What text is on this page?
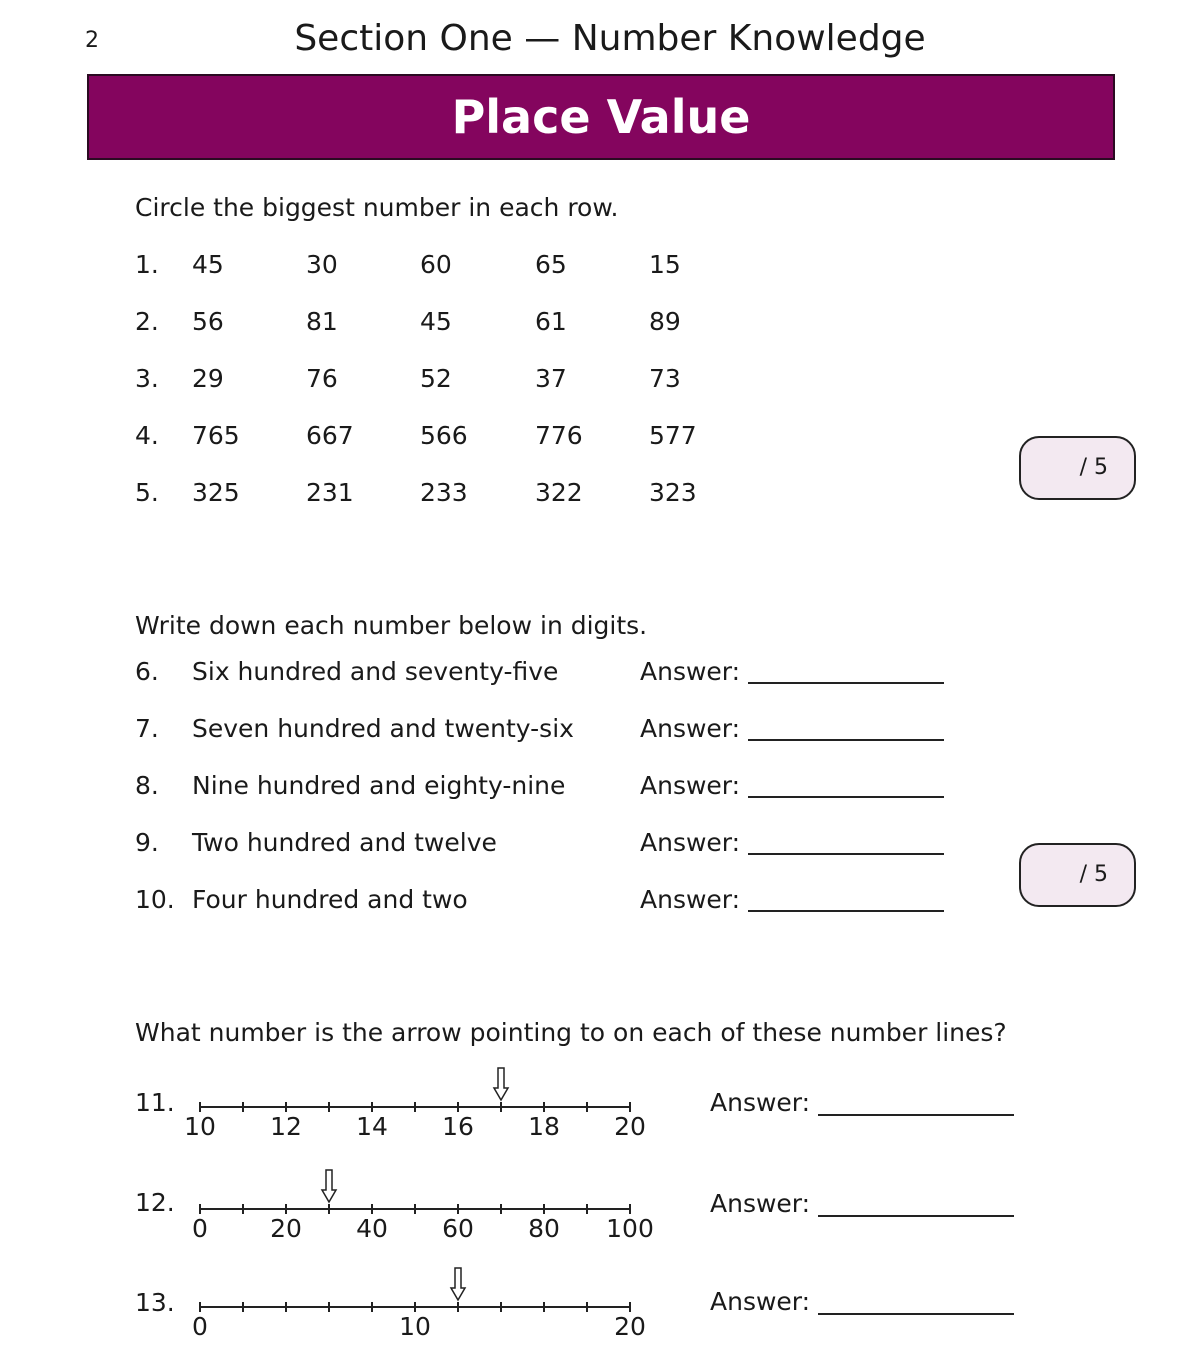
2	Section One — Number Knowledge
Place Value
Circle the biggest number in each row.
1. 45	30	60	65	15
2. 56	81	45	61	89
3. 29	76	52	37	73
4. 765	667	566	776	577
5. 325	231	233	322	323
/ 5
Write down each number below in digits.
6. Six hundred and seventy-five	Answer:
7. Seven hundred and twenty-six	Answer:
8. Nine hundred and eighty-nine	Answer:
9. Two hundred and twelve	Answer:
10. Four hundred and two	Answer:
/ 5
What number is the arrow pointing to on each of these number lines?
11.
10 12 14 16 18 20
Answer:
12.
0 20 40 60 80 100
Answer:
13.
0	10	20
Answer:
